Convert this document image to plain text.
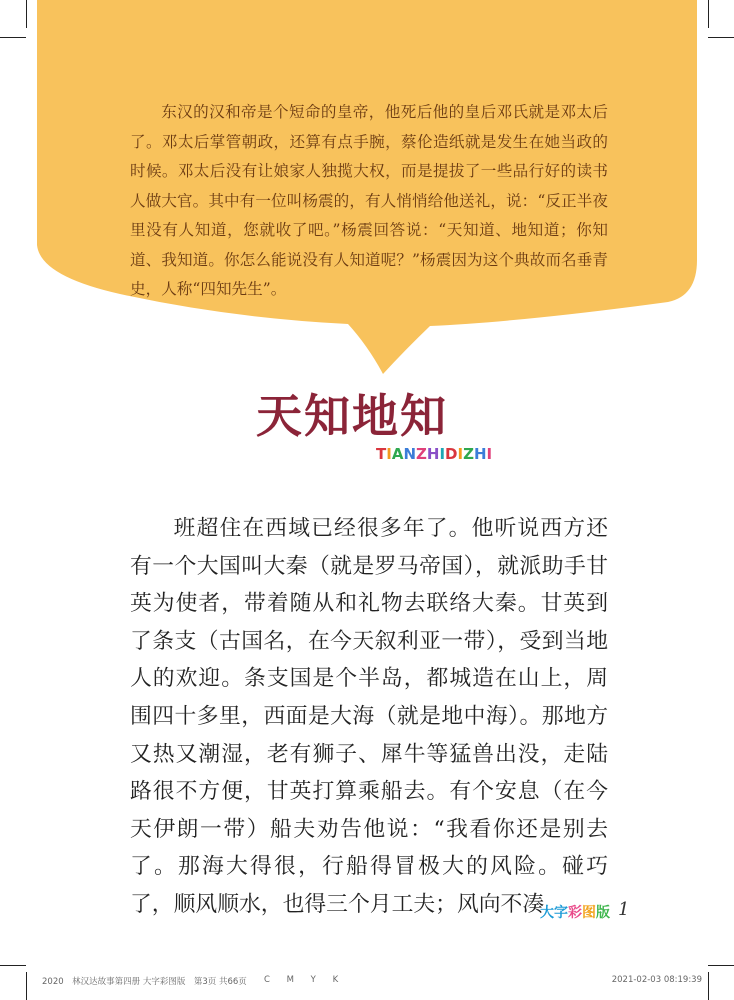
东汉的汉和帝是个短命的皇帝，他死后他的皇后邓氏就是邓太后了。邓太后掌管朝政，还算有点手腕，蔡伦造纸就是发生在她当政的时候。邓太后没有让娘家人独揽大权，而是提拔了一些品行好的读书人做大官。其中有一位叫杨震的，有人悄悄给他送礼，说：“反正半夜里没有人知道，您就收了吧。”杨震回答说：“天知道、地知道；你知道、我知道。你怎么能说没有人知道呢？”杨震因为这个典故而名垂青史，人称“四知先生”。

天知地知
TIANZHIDIZHI

班超住在西域已经很多年了。他听说西方还有一个大国叫大秦（就是罗马帝国），就派助手甘英为使者，带着随从和礼物去联络大秦。甘英到了条支（古国名，在今天叙利亚一带），受到当地人的欢迎。条支国是个半岛，都城造在山上，周围四十多里，西面是大海（就是地中海）。那地方又热又潮湿，老有狮子、犀牛等猛兽出没，走陆路很不方便，甘英打算乘船去。有个安息（在今天伊朗一带）船夫劝告他说：“我看你还是别去了。那海大得很，行船得冒极大的风险。碰巧了，顺风顺水，也得三个月工夫；风向不凑

大字彩图版 1
2020　林汉达故事第四册 大字彩图版　第3页 共66页 C M Y K	2021-02-03 08:19:39
